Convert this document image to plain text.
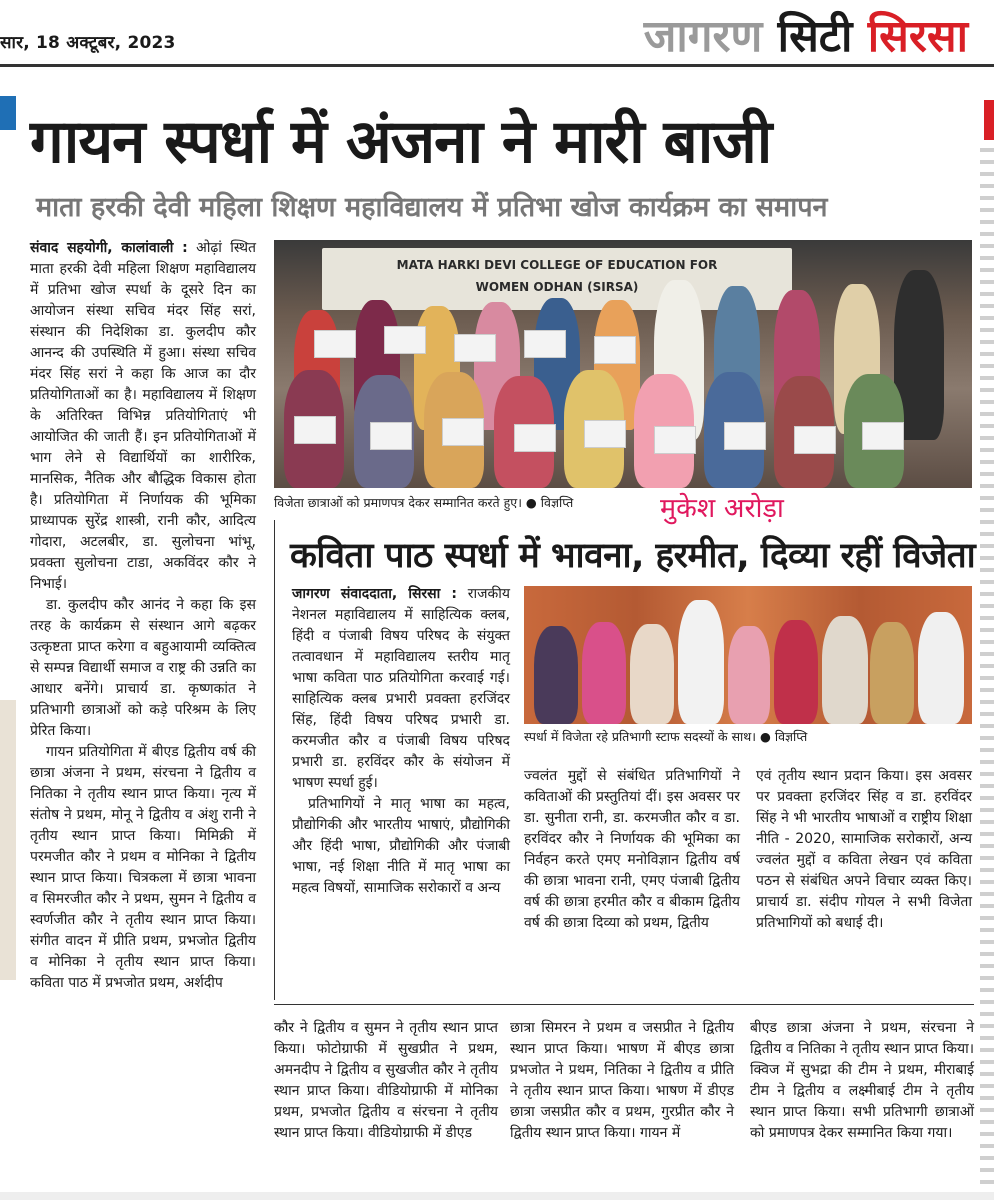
सार, 18 अक्टूबर, 2023	जागरण सिटी सिरसा
गायन स्पर्धा में अंजना ने मारी बाजी
माता हरकी देवी महिला शिक्षण महाविद्यालय में प्रतिभा खोज कार्यक्रम का समापन

संवाद सहयोगी, कालांवाली : ओढ़ां स्थित माता हरकी देवी महिला शिक्षण महाविद्यालय में प्रतिभा खोज स्पर्धा के दूसरे दिन का आयोजन संस्था सचिव मंदर सिंह सरां, संस्थान की निदेशिका डा. कुलदीप कौर आनन्द की उपस्थिति में हुआ। संस्था सचिव मंदर सिंह सरां ने कहा कि आज का दौर प्रतियोगिताओं का है। महाविद्यालय में शिक्षण के अतिरिक्त विभिन्न प्रतियोगिताएं भी आयोजित की जाती हैं। इन प्रतियोगिताओं में भाग लेने से विद्यार्थियों का शारीरिक, मानसिक, नैतिक और बौद्धिक विकास होता है। प्रतियोगिता में निर्णायक की भूमिका प्राध्यापक सुरेंद्र शास्त्री, रानी कौर, आदित्य गोदारा, अटलबीर, डा. सुलोचना भांभू, प्रवक्ता सुलोचना टाडा, अकविंदर कौर ने निभाई।

डा. कुलदीप कौर आनंद ने कहा कि इस तरह के कार्यक्रम से संस्थान आगे बढ़कर उत्कृष्टता प्राप्त करेगा व बहुआयामी व्यक्तित्व से सम्पन्न विद्यार्थी समाज व राष्ट्र की उन्नति का आधार बनेंगे। प्राचार्य डा. कृष्णकांत ने प्रतिभागी छात्राओं को कड़े परिश्रम के लिए प्रेरित किया।

गायन प्रतियोगिता में बीएड द्वितीय वर्ष की छात्रा अंजना ने प्रथम, संरचना ने द्वितीय व नितिका ने तृतीय स्थान प्राप्त किया। नृत्य में संतोष ने प्रथम, मोनू ने द्वितीय व अंशु रानी ने तृतीय स्थान प्राप्त किया। मिमिक्री में परमजीत कौर ने प्रथम व मोनिका ने द्वितीय स्थान प्राप्त किया। चित्रकला में छात्रा भावना व सिमरजीत कौर ने प्रथम, सुमन ने द्वितीय व स्वर्णजीत कौर ने तृतीय स्थान प्राप्त किया। संगीत वादन में प्रीति प्रथम, प्रभजोत द्वितीय व मोनिका ने तृतीय स्थान प्राप्त किया। कविता पाठ में प्रभजोत प्रथम, अर्शदीप

MATA HARKI DEVI COLLEGE OF EDUCATION FOR
WOMEN ODHAN (SIRSA)
विजेता छात्राओं को प्रमाणपत्र देकर सम्मानित करते हुए। ● विज्ञप्ति	मुकेश अरोड़ा
कविता पाठ स्पर्धा में भावना, हरमीत, दिव्या रहीं विजेता

जागरण संवाददाता, सिरसा : राजकीय नेशनल महाविद्यालय में साहित्यिक क्लब, हिंदी व पंजाबी विषय परिषद के संयुक्त तत्वावधान में महाविद्यालय स्तरीय मातृ भाषा कविता पाठ प्रतियोगिता करवाई गई। साहित्यिक क्लब प्रभारी प्रवक्ता हरजिंदर सिंह, हिंदी विषय परिषद प्रभारी डा. करमजीत कौर व पंजाबी विषय परिषद प्रभारी डा. हरविंदर कौर के संयोजन में भाषण स्पर्धा हुई।

प्रतिभागियों ने मातृ भाषा का महत्व, प्रौद्योगिकी और भारतीय भाषाएं, प्रौद्योगिकी और हिंदी भाषा, प्रौद्योगिकी और पंजाबी भाषा, नई शिक्षा नीति में मातृ भाषा का महत्व विषयों, सामाजिक सरोकारों व अन्य

स्पर्धा में विजेता रहे प्रतिभागी स्टाफ सदस्यों के साथ। ● विज्ञप्ति
ज्वलंत मुद्दों से संबंधित प्रतिभागियों ने कविताओं की प्रस्तुतियां दीं। इस अवसर पर डा. सुनीता रानी, डा. करमजीत कौर व डा. हरविंदर कौर ने निर्णायक की भूमिका का निर्वहन करते एमए मनोविज्ञान द्वितीय वर्ष की छात्रा भावना रानी, एमए पंजाबी द्वितीय वर्ष की छात्रा हरमीत कौर व बीकाम द्वितीय वर्ष की छात्रा दिव्या को प्रथम, द्वितीय
एवं तृतीय स्थान प्रदान किया। इस अवसर पर प्रवक्ता हरजिंदर सिंह व डा. हरविंदर सिंह ने भी भारतीय भाषाओं व राष्ट्रीय शिक्षा नीति - 2020, सामाजिक सरोकारों, अन्य ज्वलंत मुद्दों व कविता लेखन एवं कविता पठन से संबंधित अपने विचार व्यक्त किए। प्राचार्य डा. संदीप गोयल ने सभी विजेता प्रतिभागियों को बधाई दी।
कौर ने द्वितीय व सुमन ने तृतीय स्थान प्राप्त किया। फोटोग्राफी में सुखप्रीत ने प्रथम, अमनदीप ने द्वितीय व सुखजीत कौर ने तृतीय स्थान प्राप्त किया। वीडियोग्राफी में मोनिका प्रथम, प्रभजोत द्वितीय व संरचना ने तृतीय स्थान प्राप्त किया। वीडियोग्राफी में डीएड
छात्रा सिमरन ने प्रथम व जसप्रीत ने द्वितीय स्थान प्राप्त किया। भाषण में बीएड छात्रा प्रभजोत ने प्रथम, नितिका ने द्वितीय व प्रीति ने तृतीय स्थान प्राप्त किया। भाषण में डीएड छात्रा जसप्रीत कौर व प्रथम, गुरप्रीत कौर ने द्वितीय स्थान प्राप्त किया। गायन में
बीएड छात्रा अंजना ने प्रथम, संरचना ने द्वितीय व नितिका ने तृतीय स्थान प्राप्त किया। क्विज में सुभद्रा की टीम ने प्रथम, मीराबाई टीम ने द्वितीय व लक्ष्मीबाई टीम ने तृतीय स्थान प्राप्त किया। सभी प्रतिभागी छात्राओं को प्रमाणपत्र देकर सम्मानित किया गया।
